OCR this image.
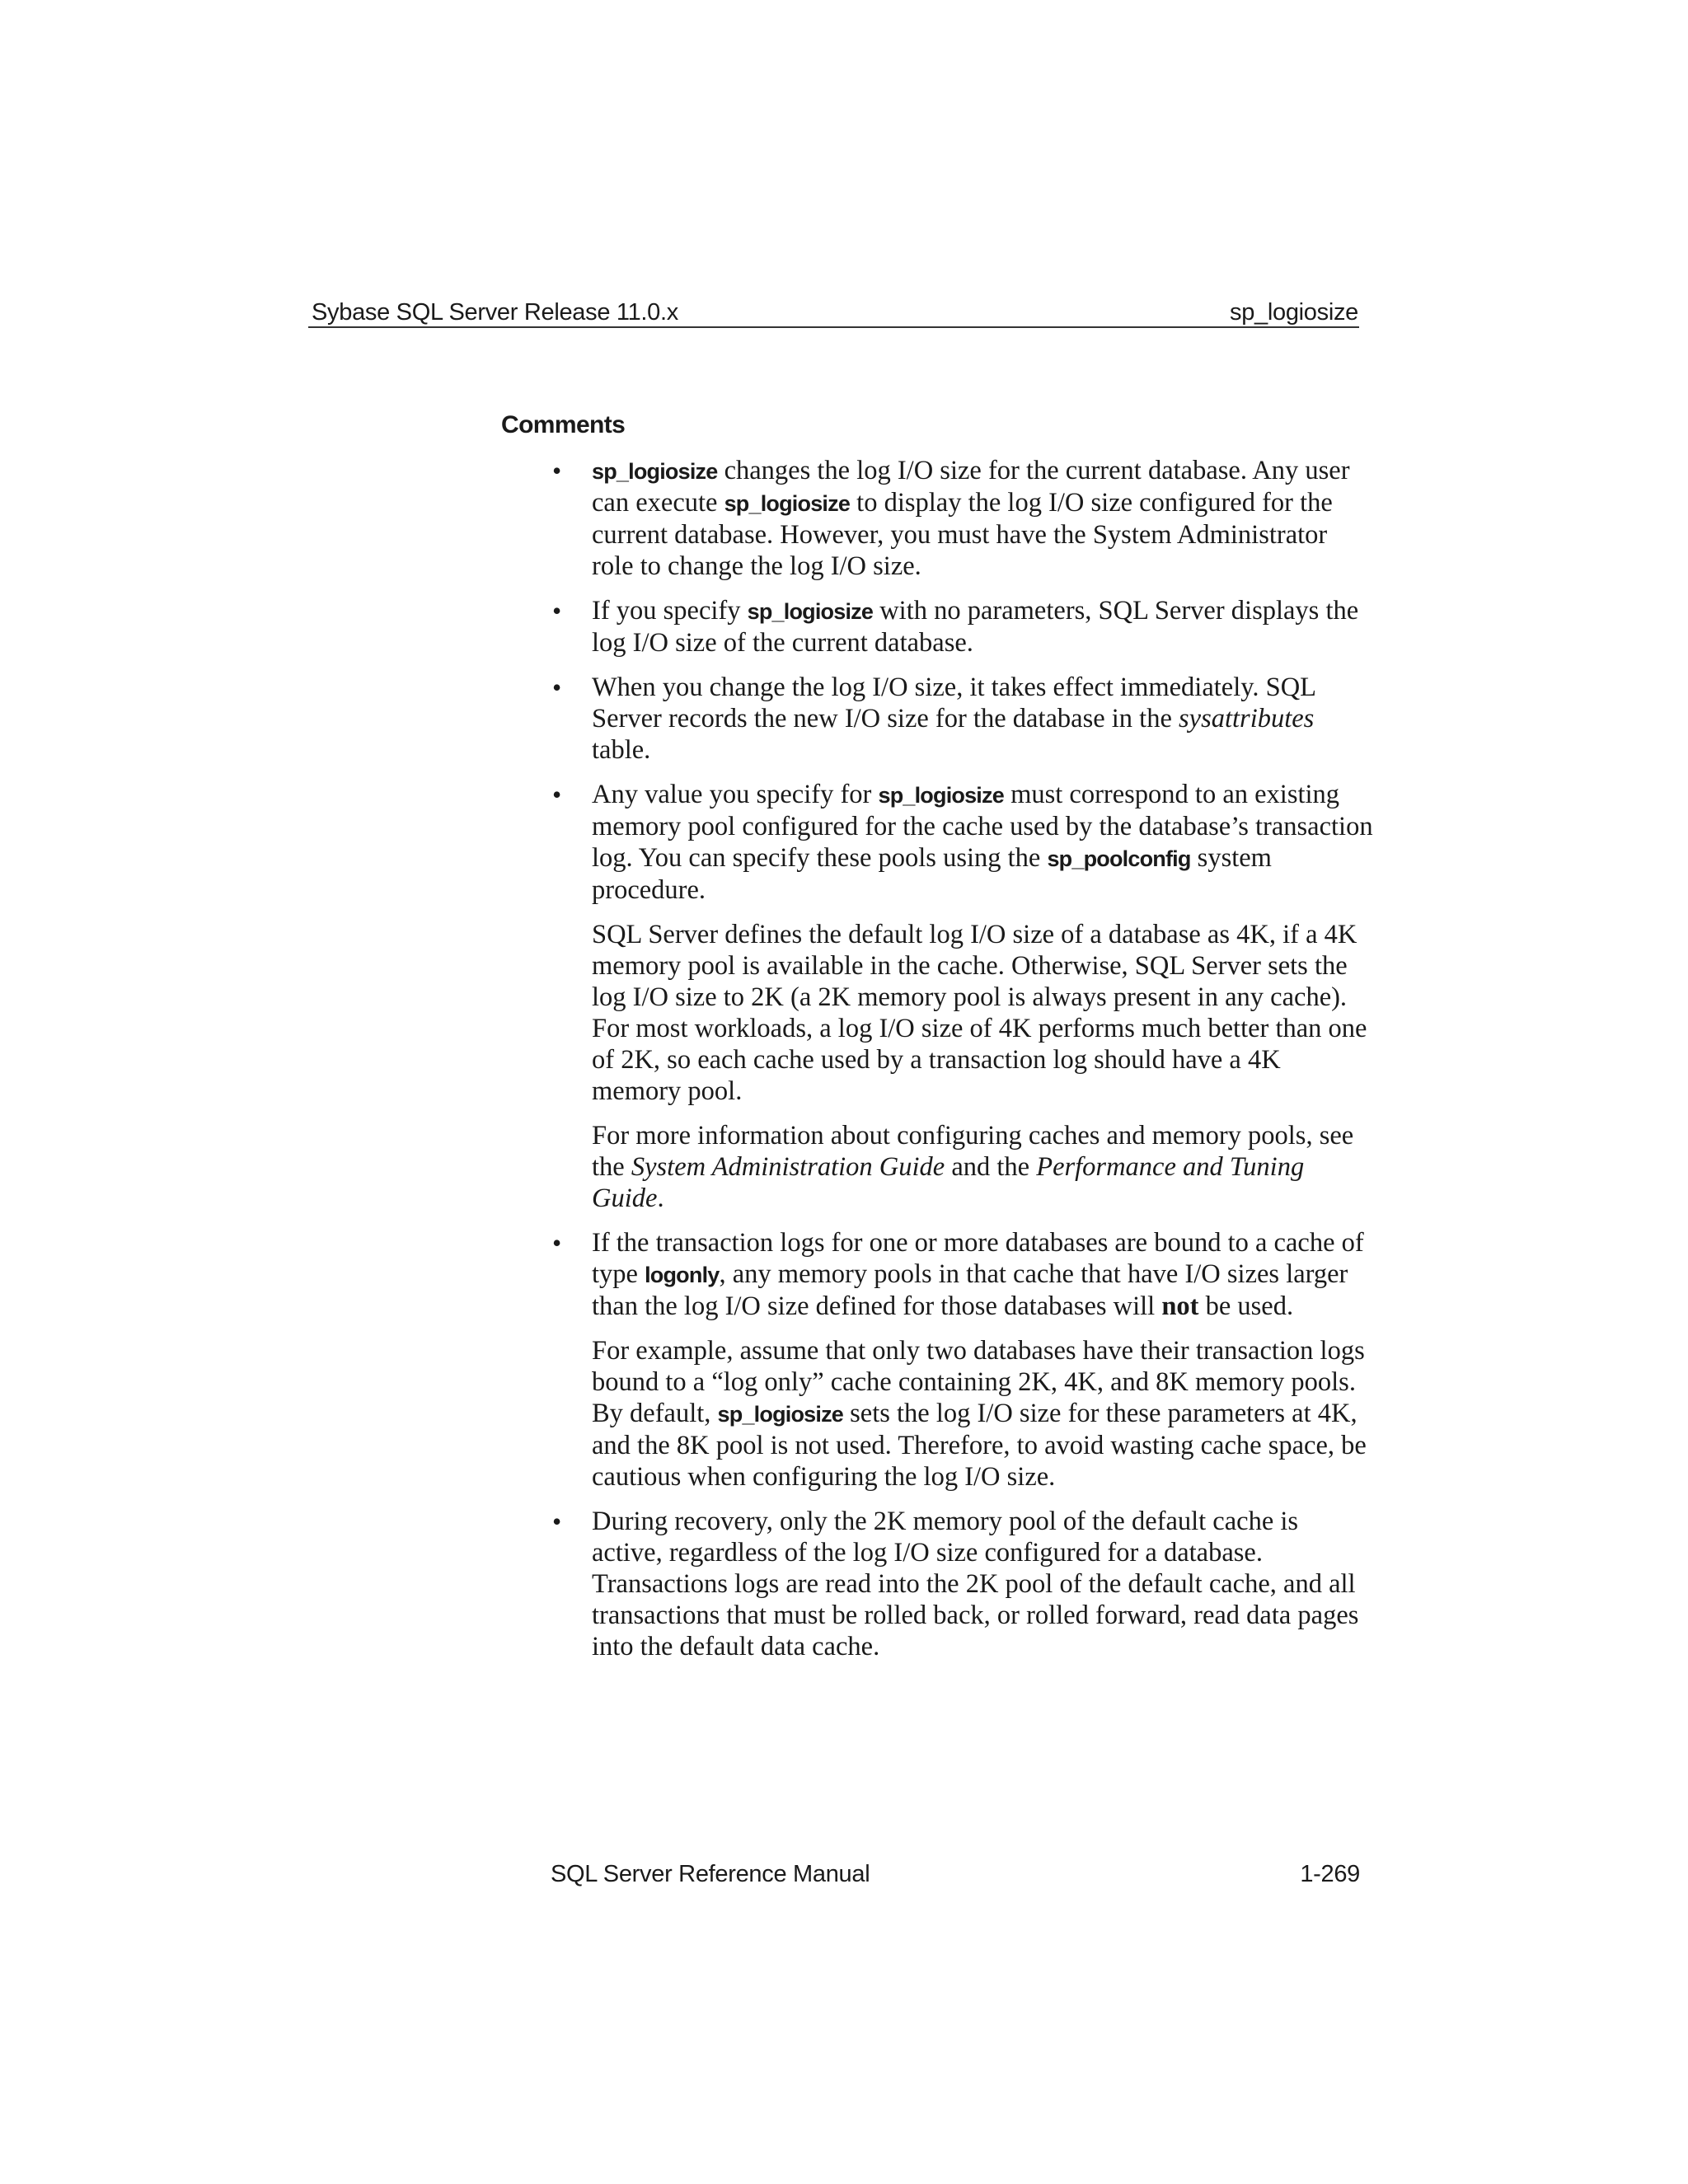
Sybase SQL Server Release 11.0.x	sp_logiosize
Comments
• sp_logiosize changes the log I/O size for the current database. Any user can execute sp_logiosize to display the log I/O size configured for the current database. However, you must have the System Administrator role to change the log I/O size.

• If you specify sp_logiosize with no parameters, SQL Server displays the log I/O size of the current database.

• When you change the log I/O size, it takes effect immediately. SQL Server records the new I/O size for the database in the sysattributes table.

• Any value you specify for sp_logiosize must correspond to an existing memory pool configured for the cache used by the database’s transaction log. You can specify these pools using the sp_poolconfig system procedure.

SQL Server defines the default log I/O size of a database as 4K, if a 4K memory pool is available in the cache. Otherwise, SQL Server sets the log I/O size to 2K (a 2K memory pool is always present in any cache). For most workloads, a log I/O size of 4K performs much better than one of 2K, so each cache used by a transaction log should have a 4K memory pool.

For more information about configuring caches and memory pools, see the System Administration Guide and the Performance and Tuning Guide.

• If the transaction logs for one or more databases are bound to a cache of type logonly, any memory pools in that cache that have I/O sizes larger than the log I/O size defined for those databases will not be used.

For example, assume that only two databases have their transaction logs bound to a “log only” cache containing 2K, 4K, and 8K memory pools. By default, sp_logiosize sets the log I/O size for these parameters at 4K, and the 8K pool is not used. Therefore, to avoid wasting cache space, be cautious when configuring the log I/O size.

• During recovery, only the 2K memory pool of the default cache is active, regardless of the log I/O size configured for a database. Transactions logs are read into the 2K pool of the default cache, and all transactions that must be rolled back, or rolled forward, read data pages into the default data cache.

SQL Server Reference Manual	1-269
